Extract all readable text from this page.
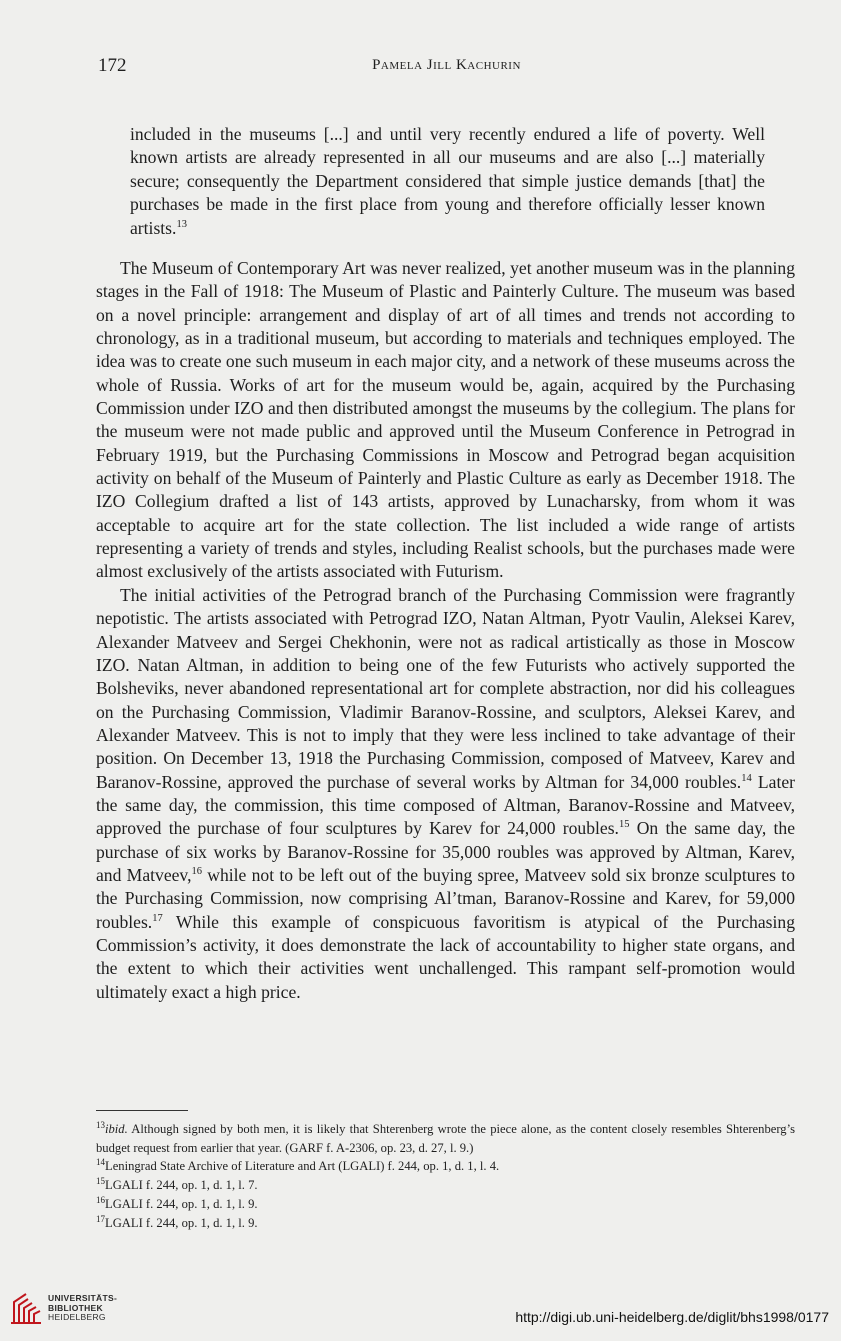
172	Pamela Jill Kachurin
included in the museums [...] and until very recently endured a life of poverty. Well known artists are already represented in all our museums and are also [...] materially secure; consequently the Department considered that simple justice demands [that] the purchases be made in the first place from young and therefore officially lesser known artists.$^{13}$

The Museum of Contemporary Art was never realized, yet another museum was in the planning stages in the Fall of 1918: The Museum of Plastic and Painterly Culture. The museum was based on a novel principle: arrangement and display of art of all times and trends not according to chronology, as in a traditional museum, but according to materials and techniques employed. The idea was to create one such museum in each major city, and a network of these museums across the whole of Russia. Works of art for the museum would be, again, acquired by the Purchasing Commission under IZO and then distributed amongst the museums by the collegium. The plans for the museum were not made public and approved until the Museum Conference in Petrograd in February 1919, but the Purchasing Commissions in Moscow and Petrograd began acquisition activity on behalf of the Museum of Painterly and Plastic Culture as early as December 1918. The IZO Collegium drafted a list of 143 artists, approved by Lunacharsky, from whom it was acceptable to acquire art for the state collection. The list included a wide range of artists representing a variety of trends and styles, including Realist schools, but the purchases made were almost exclusively of the artists associated with Futurism.

The initial activities of the Petrograd branch of the Purchasing Commission were fragrantly nepotistic. The artists associated with Petrograd IZO, Natan Altman, Pyotr Vaulin, Aleksei Karev, Alexander Matveev and Sergei Chekhonin, were not as radical artistically as those in Moscow IZO. Natan Altman, in addition to being one of the few Futurists who actively supported the Bolsheviks, never abandoned representational art for complete abstraction, nor did his colleagues on the Purchasing Commission, Vladimir Baranov-Rossine, and sculptors, Aleksei Karev, and Alexander Matveev. This is not to imply that they were less inclined to take advantage of their position. On December 13, 1918 the Purchasing Commission, composed of Matveev, Karev and Baranov-Rossine, approved the purchase of several works by Altman for 34,000 roubles.$^{14}$ Later the same day, the commission, this time composed of Altman, Baranov-Rossine and Matveev, approved the purchase of four sculptures by Karev for 24,000 roubles.$^{15}$ On the same day, the purchase of six works by Baranov-Rossine for 35,000 roubles was approved by Altman, Karev, and Matveev,$^{16}$ while not to be left out of the buying spree, Matveev sold six bronze sculptures to the Purchasing Commission, now comprising Al’tman, Baranov-Rossine and Karev, for 59,000 roubles.$^{17}$ While this example of conspicuous favoritism is atypical of the Purchasing Commission’s activity, it does demonstrate the lack of accountability to higher state organs, and the extent to which their activities went unchallenged. This rampant self-promotion would ultimately exact a high price.

$^{13}$ibid. Although signed by both men, it is likely that Shterenberg wrote the piece alone, as the content closely resembles Shterenberg’s budget request from earlier that year. (GARF f. A-2306, op. 23, d. 27, l. 9.)

$^{14}$Leningrad State Archive of Literature and Art (LGALI) f. 244, op. 1, d. 1, l. 4.

$^{15}$LGALI f. 244, op. 1, d. 1, l. 7.

$^{16}$LGALI f. 244, op. 1, d. 1, l. 9.

$^{17}$LGALI f. 244, op. 1, d. 1, l. 9.

UNIVERSITÄTS-
BIBLIOTHEK
HEIDELBERG	http://digi.ub.uni-heidelberg.de/diglit/bhs1998/0177
